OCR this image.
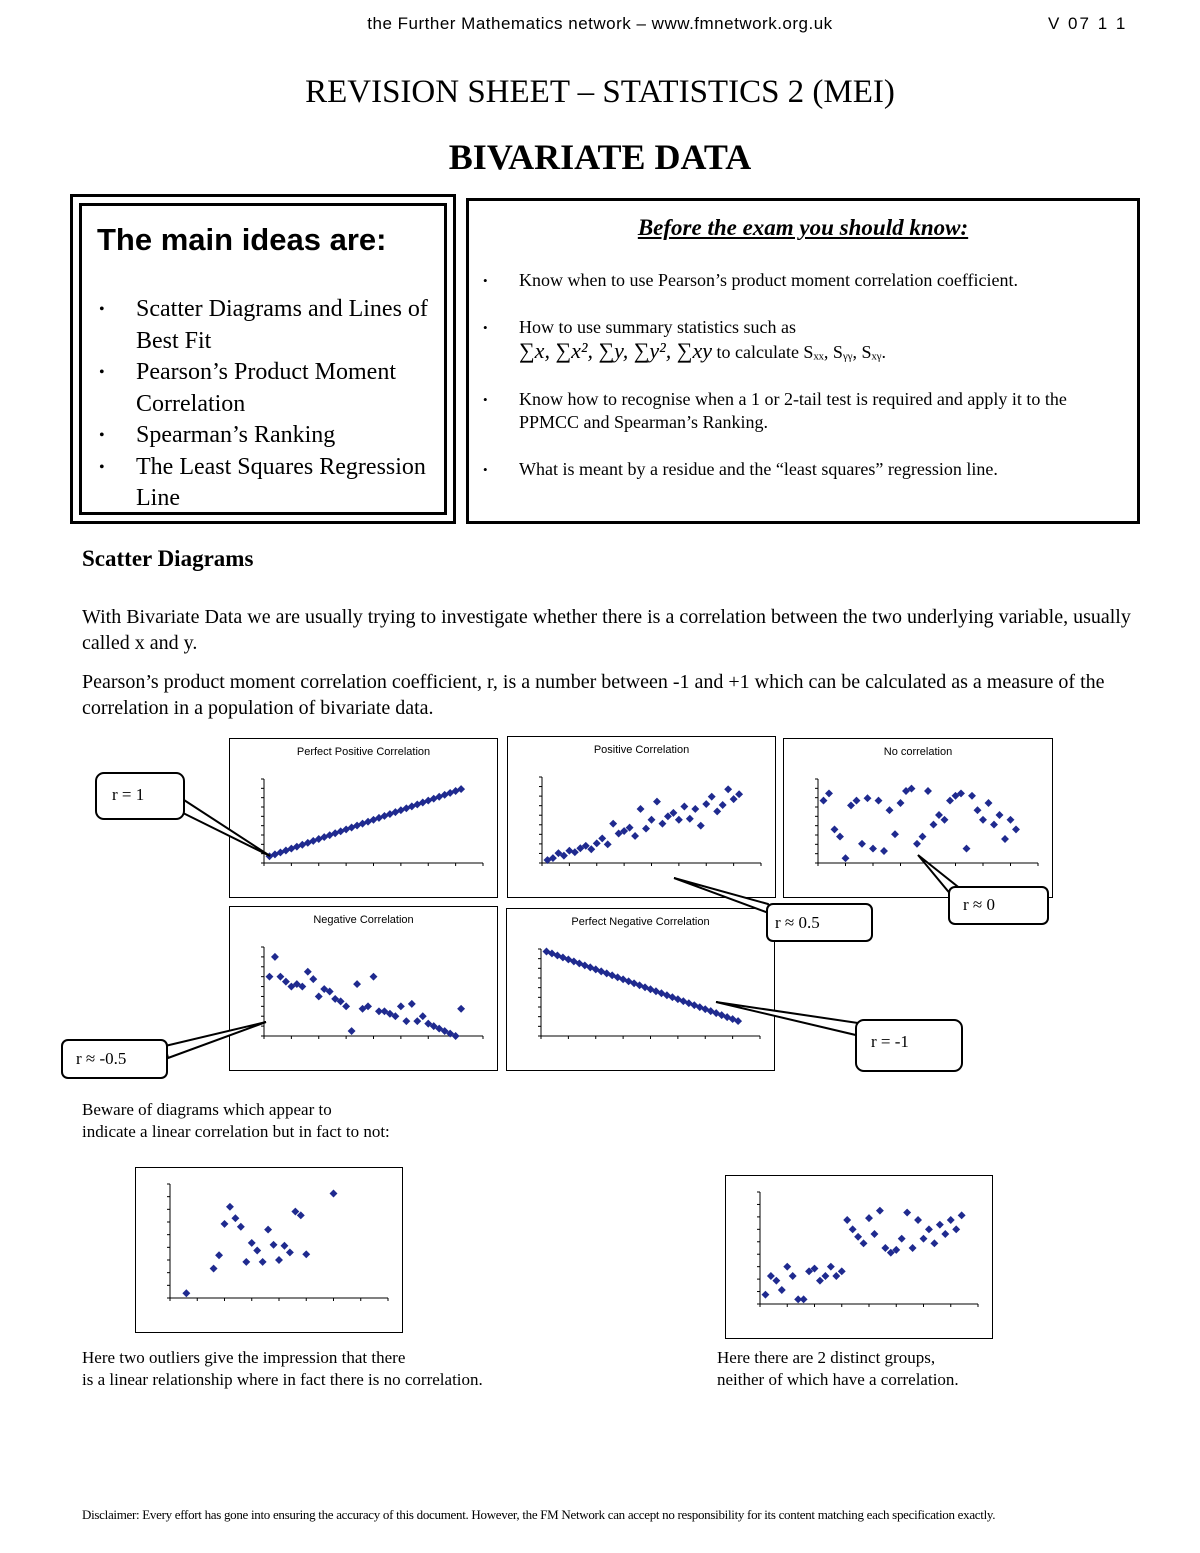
the Further Mathematics network – www.fmnetwork.org.uk	V 07 1 1
REVISION SHEET – STATISTICS 2 (MEI)
BIVARIATE DATA
The main ideas are:
• Scatter Diagrams and Lines of Best Fit
• Pearson’s Product Moment Correlation
• Spearman’s Ranking
• The Least Squares Regression Line
Before the exam you should know:
• Know when to use Pearson’s product moment correlation coefficient.
• How to use summary statistics such as
∑x, ∑x², ∑y, ∑y², ∑xy to calculate Sₓₓ, Sᵧᵧ, Sₓᵧ.
• Know how to recognise when a 1 or 2-tail test is required and apply it to the PPMCC and Spearman’s Ranking.
• What is meant by a residue and the “least squares” regression line.
Scatter Diagrams
With Bivariate Data we are usually trying to investigate whether there is a correlation between the two underlying variable, usually called x and y.
Pearson’s product moment correlation coefficient, r, is a number between -1 and +1 which can be calculated as a measure of the correlation in a population of bivariate data.
Perfect Positive Correlation	Positive Correlation	No correlation
Negative Correlation	Perfect Negative Correlation
r = 1
r ≈ 0.5
r ≈ 0
r ≈ -0.5
r = -1
Beware of diagrams which appear to
indicate a linear correlation but in fact to not:
Here two outliers give the impression that there
is a linear relationship where in fact there is no correlation.
Here there are 2 distinct groups,
neither of which have a correlation.
Disclaimer: Every effort has gone into ensuring the accuracy of this document. However, the FM Network can accept no responsibility for its content matching each specification exactly.
